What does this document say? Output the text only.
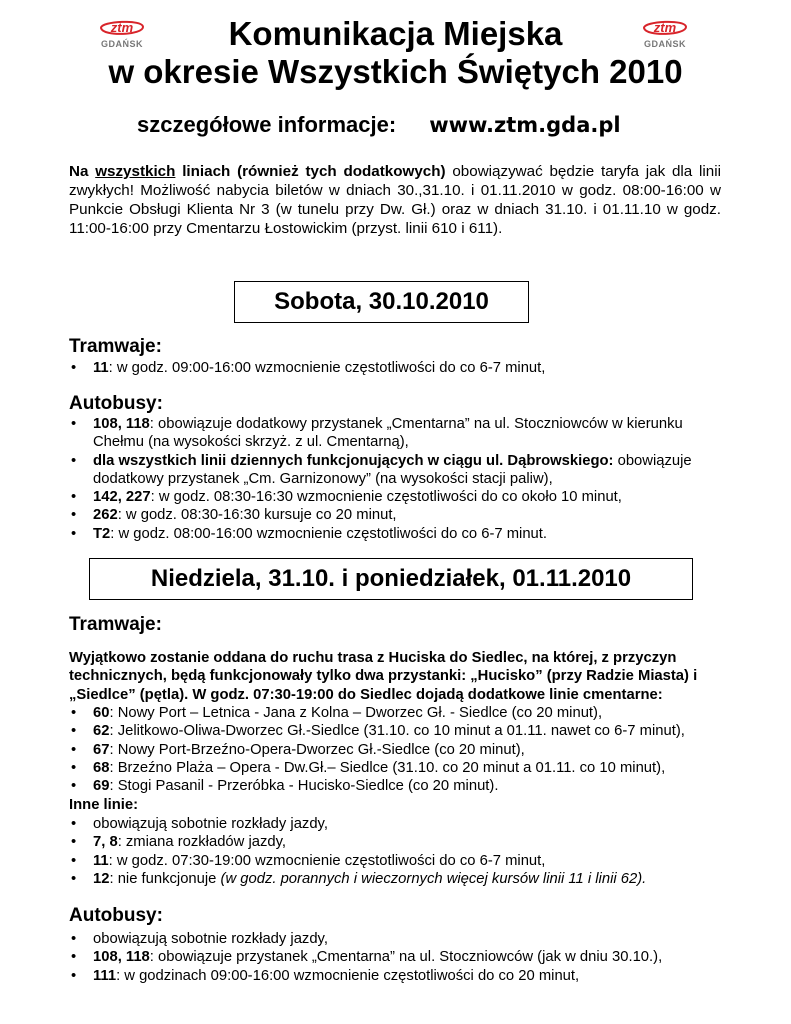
ztm
GDAŃSK
ztm
GDAŃSK
Komunikacja Miejska
w okresie Wszystkich Świętych 2010
szczegółowe informacje: www.ztm.gda.pl
Na wszystkich liniach (również tych dodatkowych) obowiązywać będzie taryfa jak dla linii zwykłych! Możliwość nabycia biletów w dniach 30.,31.10. i 01.11.2010 w godz. 08:00-16:00 w Punkcie Obsługi Klienta Nr 3 (w tunelu przy Dw. Gł.) oraz w dniach 31.10. i 01.11.10 w godz. 11:00-16:00 przy Cmentarzu Łostowickim (przyst. linii 610 i 611).
Sobota, 30.10.2010
Tramwaje:
• 11: w godz. 09:00-16:00 wzmocnienie częstotliwości do co 6-7 minut,
Autobusy:
• 108, 118: obowiązuje dodatkowy przystanek „Cmentarna” na ul. Stoczniowców w kierunku Chełmu (na wysokości skrzyż. z ul. Cmentarną),
• dla wszystkich linii dziennych funkcjonujących w ciągu ul. Dąbrowskiego: obowiązuje dodatkowy przystanek „Cm. Garnizonowy” (na wysokości stacji paliw),
• 142, 227: w godz. 08:30-16:30 wzmocnienie częstotliwości do co około 10 minut,
• 262: w godz. 08:30-16:30 kursuje co 20 minut,
• T2: w godz. 08:00-16:00 wzmocnienie częstotliwości do co 6-7 minut.
Niedziela, 31.10. i poniedziałek, 01.11.2010
Tramwaje:
Wyjątkowo zostanie oddana do ruchu trasa z Huciska do Siedlec, na której, z przyczyn technicznych, będą funkcjonowały tylko dwa przystanki: „Hucisko” (przy Radzie Miasta) i „Siedlce” (pętla). W godz. 07:30-19:00 do Siedlec dojadą dodatkowe linie cmentarne:
• 60: Nowy Port – Letnica - Jana z Kolna – Dworzec Gł. - Siedlce (co 20 minut),
• 62: Jelitkowo-Oliwa-Dworzec Gł.-Siedlce (31.10. co 10 minut a 01.11. nawet co 6-7 minut),
• 67: Nowy Port-Brzeźno-Opera-Dworzec Gł.-Siedlce (co 20 minut),
• 68: Brzeźno Plaża – Opera - Dw.Gł.– Siedlce (31.10. co 20 minut a 01.11. co 10 minut),
• 69: Stogi Pasanil - Przeróbka - Hucisko-Siedlce (co 20 minut).
Inne linie:
• obowiązują sobotnie rozkłady jazdy,
• 7, 8: zmiana rozkładów jazdy,
• 11: w godz. 07:30-19:00 wzmocnienie częstotliwości do co 6-7 minut,
• 12: nie funkcjonuje (w godz. porannych i wieczornych więcej kursów linii 11 i linii 62).
Autobusy:
• obowiązują sobotnie rozkłady jazdy,
• 108, 118: obowiązuje przystanek „Cmentarna” na ul. Stoczniowców (jak w dniu 30.10.),
• 111: w godzinach 09:00-16:00 wzmocnienie częstotliwości do co 20 minut,
